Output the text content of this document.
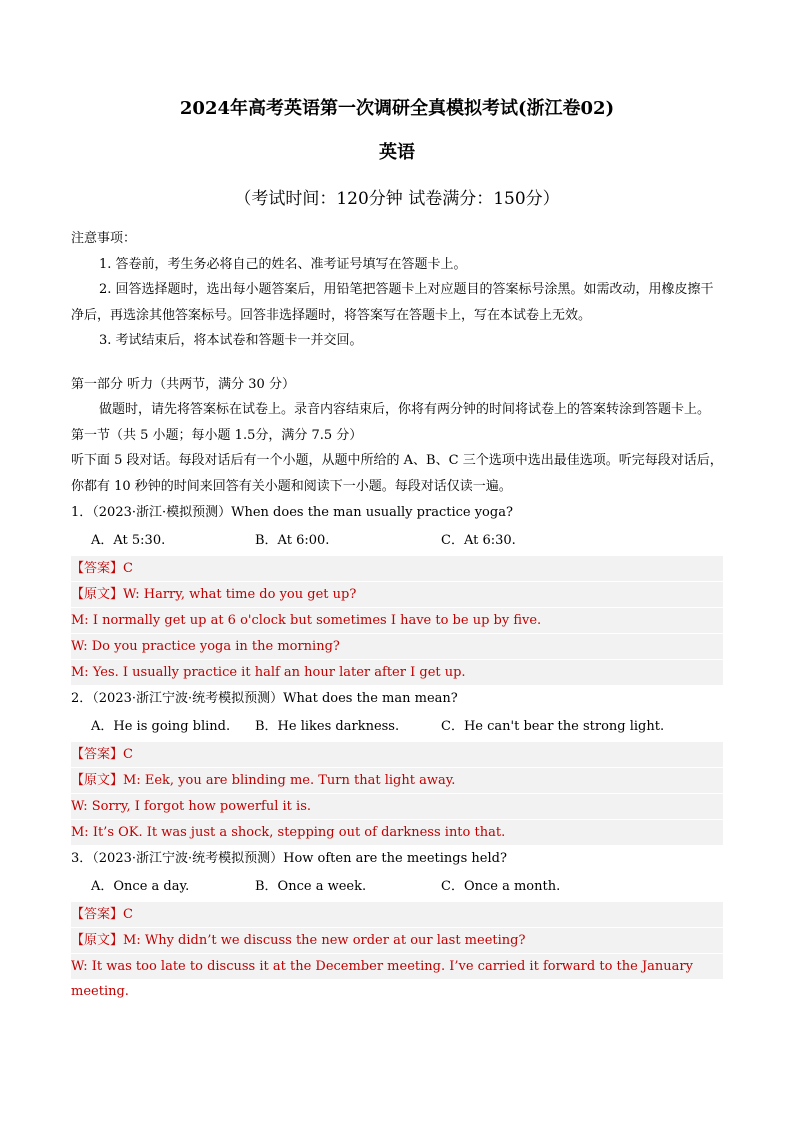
2024年高考英语第一次调研全真模拟考试(浙江卷02)
英语
（考试时间：120分钟 试卷满分：150分）

注意事项：

1. 答卷前，考生务必将自己的姓名、准考证号填写在答题卡上。

2. 回答选择题时，选出每小题答案后，用铅笔把答题卡上对应题目的答案标号涂黑。如需改动，用橡皮擦干净后，再选涂其他答案标号。回答非选择题时，将答案写在答题卡上，写在本试卷上无效。

3. 考试结束后，将本试卷和答题卡一并交回。

第一部分 听力（共两节，满分 30 分）

做题时，请先将答案标在试卷上。录音内容结束后，你将有两分钟的时间将试卷上的答案转涂到答题卡上。

第一节（共 5 小题；每小题 1.5分，满分 7.5 分）

听下面 5 段对话。每段对话后有一个小题，从题中所给的 A、B、C 三个选项中选出最佳选项。听完每段对话后，你都有 10 秒钟的时间来回答有关小题和阅读下一小题。每段对话仅读一遍。

1．（2023·浙江·模拟预测）When does the man usually practice yoga?

A．At 5:30.	B．At 6:00.	C．At 6:30.
【答案】C
【原文】W: Harry, what time do you get up?
M: I normally get up at 6 o'clock but sometimes I have to be up by five.
W: Do you practice yoga in the morning?
M: Yes. I usually practice it half an hour later after I get up.

2．（2023·浙江宁波·统考模拟预测）What does the man mean?

A．He is going blind.	B．He likes darkness.	C．He can't bear the strong light.
【答案】C
【原文】M: Eek, you are blinding me. Turn that light away.
W: Sorry, I forgot how powerful it is.
M: It’s OK. It was just a shock, stepping out of darkness into that.

3．（2023·浙江宁波·统考模拟预测）How often are the meetings held?

A．Once a day.	B．Once a week.	C．Once a month.
【答案】C
【原文】M: Why didn’t we discuss the new order at our last meeting?
W: It was too late to discuss it at the December meeting. I’ve carried it forward to the January meeting.
